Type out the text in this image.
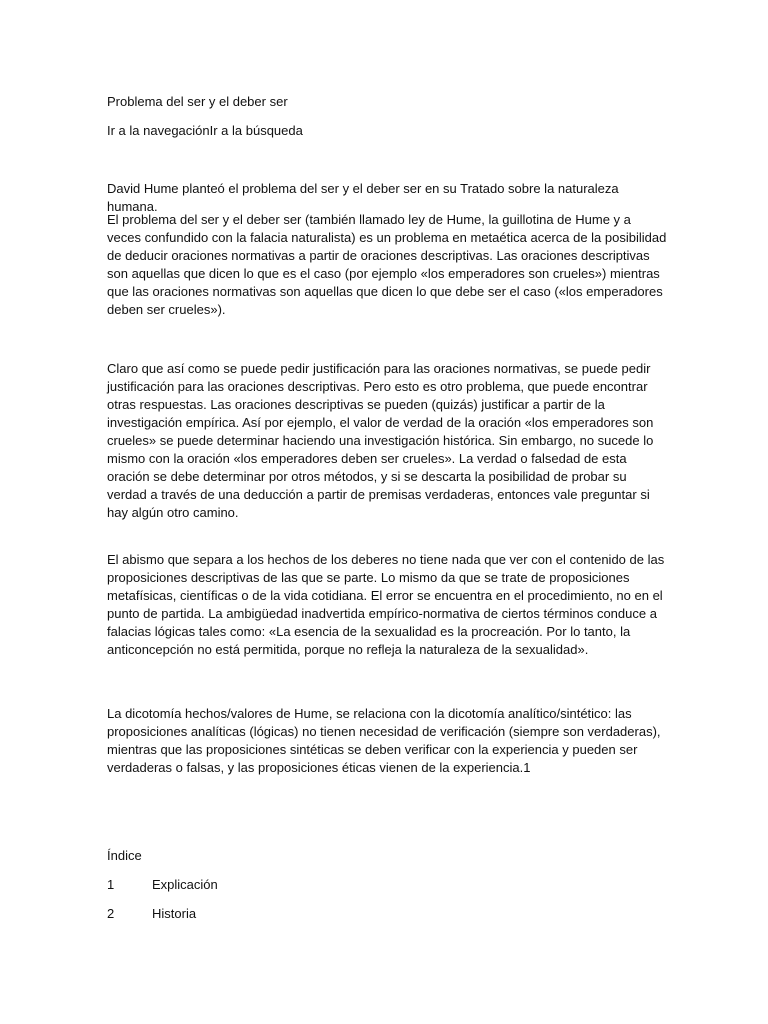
Problema del ser y el deber ser
Ir a la navegaciónIr a la búsqueda

David Hume planteó el problema del ser y el deber ser en su Tratado sobre la naturaleza humana.

El problema del ser y el deber ser (también llamado ley de Hume, la guillotina de Hume y a veces confundido con la falacia naturalista) es un problema en metaética acerca de la posibilidad de deducir oraciones normativas a partir de oraciones descriptivas. Las oraciones descriptivas son aquellas que dicen lo que es el caso (por ejemplo «los emperadores son crueles») mientras que las oraciones normativas son aquellas que dicen lo que debe ser el caso («los emperadores deben ser crueles»).

Claro que así como se puede pedir justificación para las oraciones normativas, se puede pedir justificación para las oraciones descriptivas. Pero esto es otro problema, que puede encontrar otras respuestas. Las oraciones descriptivas se pueden (quizás) justificar a partir de la investigación empírica. Así por ejemplo, el valor de verdad de la oración «los emperadores son crueles» se puede determinar haciendo una investigación histórica. Sin embargo, no sucede lo mismo con la oración «los emperadores deben ser crueles». La verdad o falsedad de esta oración se debe determinar por otros métodos, y si se descarta la posibilidad de probar su verdad a través de una deducción a partir de premisas verdaderas, entonces vale preguntar si hay algún otro camino.

El abismo que separa a los hechos de los deberes no tiene nada que ver con el contenido de las proposiciones descriptivas de las que se parte. Lo mismo da que se trate de proposiciones metafísicas, científicas o de la vida cotidiana. El error se encuentra en el procedimiento, no en el punto de partida. La ambigüedad inadvertida empírico-normativa de ciertos términos conduce a falacias lógicas tales como: «La esencia de la sexualidad es la procreación. Por lo tanto, la anticoncepción no está permitida, porque no refleja la naturaleza de la sexualidad».

La dicotomía hechos/valores de Hume, se relaciona con la dicotomía analítico/sintético: las proposiciones analíticas (lógicas) no tienen necesidad de verificación (siempre son verdaderas), mientras que las proposiciones sintéticas se deben verificar con la experiencia y pueden ser verdaderas o falsas, y las proposiciones éticas vienen de la experiencia.1

Índice
1	Explicación
2	Historia
